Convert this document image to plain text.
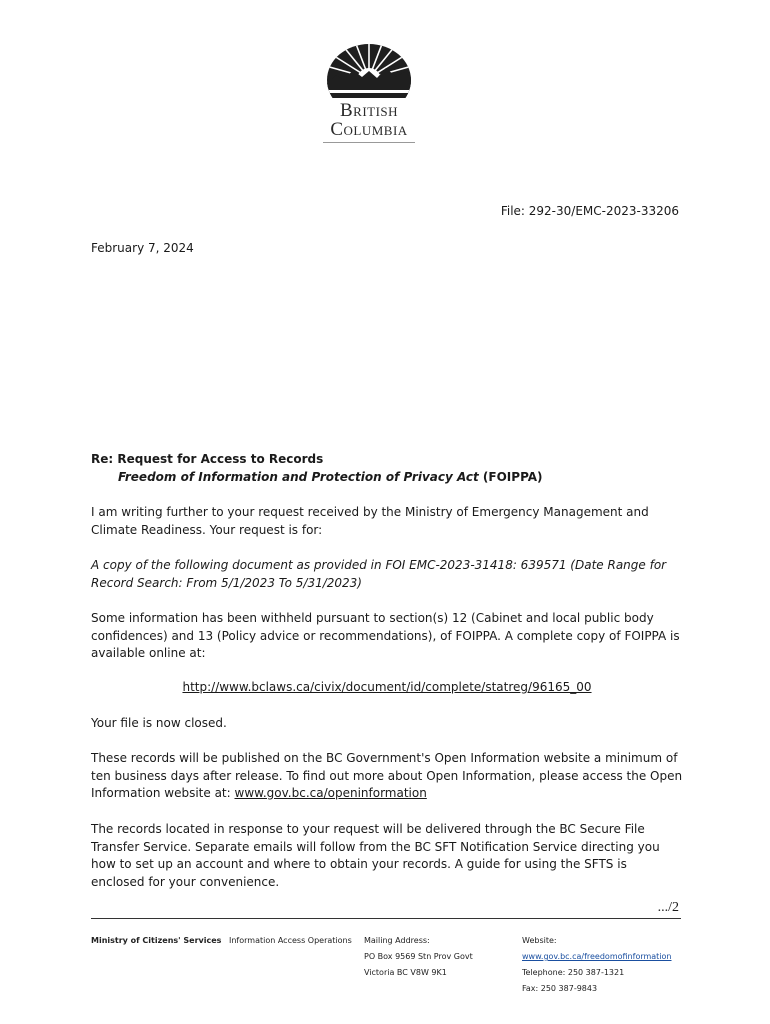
British
Columbia
File: 292-30/EMC-2023-33206
February 7, 2024
Re: Request for Access to Records
Freedom of Information and Protection of Privacy Act (FOIPPA)
I am writing further to your request received by the Ministry of Emergency Management and Climate Readiness. Your request is for:
A copy of the following document as provided in FOI EMC-2023-31418: 639571 (Date Range for Record Search: From 5/1/2023 To 5/31/2023)
Some information has been withheld pursuant to section(s) 12 (Cabinet and local public body confidences) and 13 (Policy advice or recommendations), of FOIPPA. A complete copy of FOIPPA is available online at:
http://www.bclaws.ca/civix/document/id/complete/statreg/96165_00
Your file is now closed.
These records will be published on the BC Government's Open Information website a minimum of ten business days after release. To find out more about Open Information, please access the Open Information website at: www.gov.bc.ca/openinformation
The records located in response to your request will be delivered through the BC Secure File Transfer Service. Separate emails will follow from the BC SFT Notification Service directing you how to set up an account and where to obtain your records. A guide for using the SFTS is enclosed for your convenience.
.../2
Ministry of Citizens' Services Information Access Operations Mailing Address:
PO Box 9569 Stn Prov Govt
Victoria BC V8W 9K1
Website:
www.gov.bc.ca/freedomofinformation
Telephone: 250 387-1321
Fax: 250 387-9843
